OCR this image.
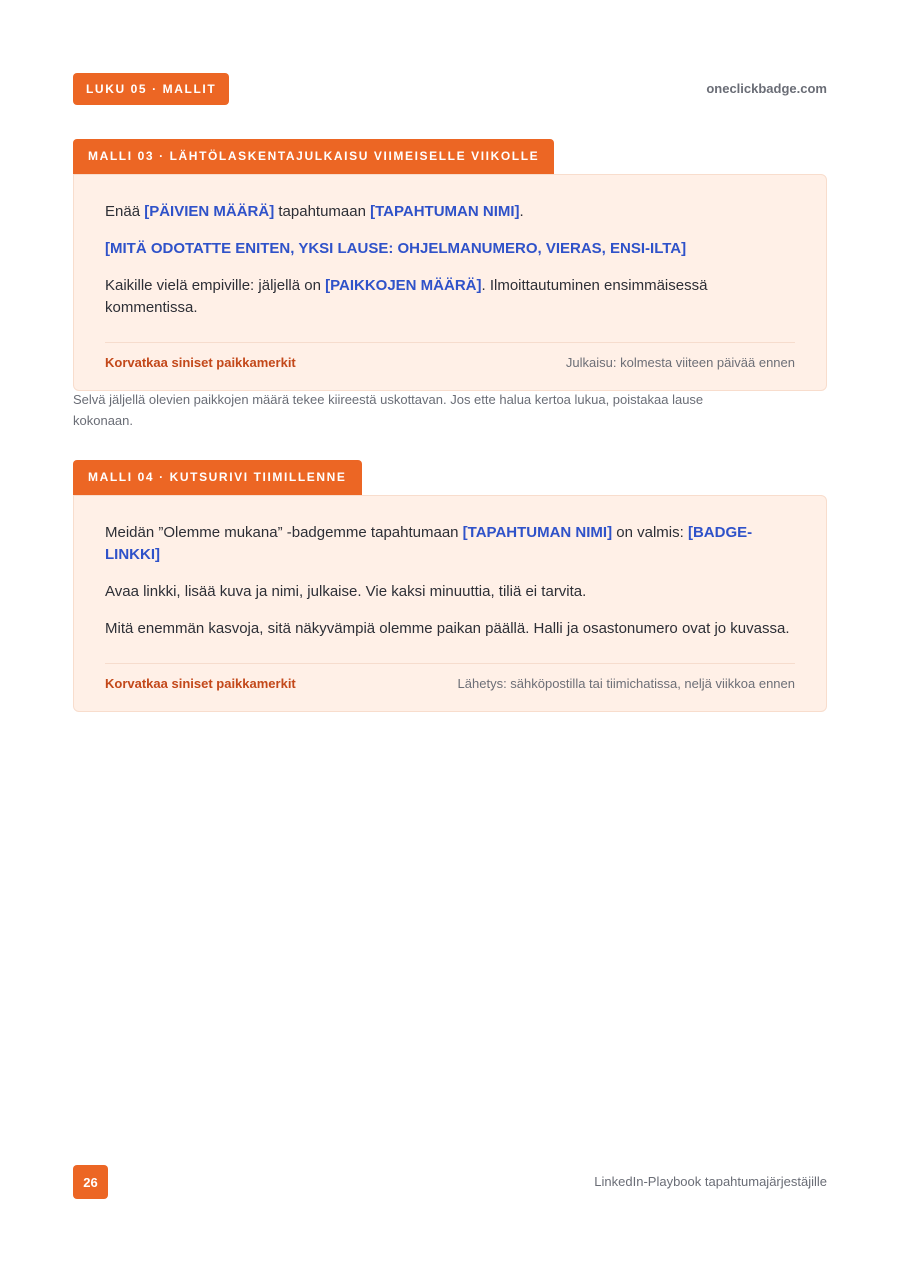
LUKU 05 · MALLIT	oneclickbadge.com
MALLI 03 · LÄHTÖLASKENTAJULKAISU VIIMEISELLE VIIKOLLE

Enää [PÄIVIEN MÄÄRÄ] tapahtumaan [TAPAHTUMAN NIMI].

[MITÄ ODOTATTE ENITEN, YKSI LAUSE: OHJELMANUMERO, VIERAS, ENSI-ILTA]

Kaikille vielä empiville: jäljellä on [PAIKKOJEN MÄÄRÄ]. Ilmoittautuminen ensimmäisessä kommentissa.

Korvatkaa siniset paikkamerkit	Julkaisu: kolmesta viiteen päivää ennen
Selvä jäljellä olevien paikkojen määrä tekee kiireestä uskottavan. Jos ette halua kertoa lukua, poistakaa lause kokonaan.
MALLI 04 · KUTSURIVI TIIMILLENNE

Meidän ”Olemme mukana” -badgemme tapahtumaan [TAPAHTUMAN NIMI] on valmis: [BADGE-LINKKI]

Avaa linkki, lisää kuva ja nimi, julkaise. Vie kaksi minuuttia, tiliä ei tarvita.

Mitä enemmän kasvoja, sitä näkyvämpiä olemme paikan päällä. Halli ja osastonumero ovat jo kuvassa.

Korvatkaa siniset paikkamerkit	Lähetys: sähköpostilla tai tiimichatissa, neljä viikkoa ennen
26	LinkedIn-Playbook tapahtumajärjestäjille
